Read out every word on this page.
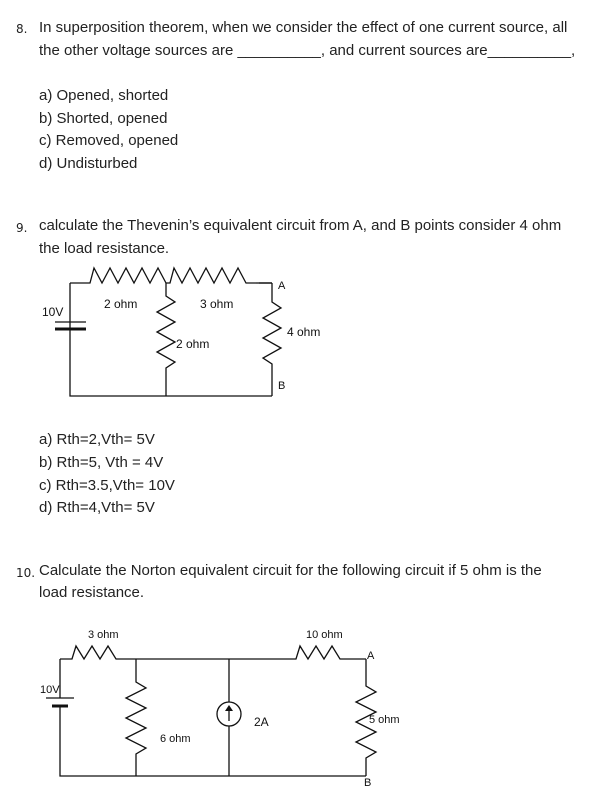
8. In superposition theorem, when we consider the effect of one current source, all
the other voltage sources are __________, and current sources are__________,
a) Opened, shorted
b) Shorted, opened
c) Removed, opened
d) Undisturbed
9. calculate the Thevenin’s equivalent circuit from A, and B points consider 4 ohm
the load resistance.
10V
2 ohm	3 ohm
2 ohm
4 ohm
A
B
a) Rth=2,Vth= 5V
b) Rth=5, Vth = 4V
c) Rth=3.5,Vth= 10V
d) Rth=4,Vth= 5V
10. Calculate the Norton equivalent circuit for the following circuit if 5 ohm is the
load resistance.
10V
3 ohm	10 ohm
6 ohm
2A	5 ohm
A
B
